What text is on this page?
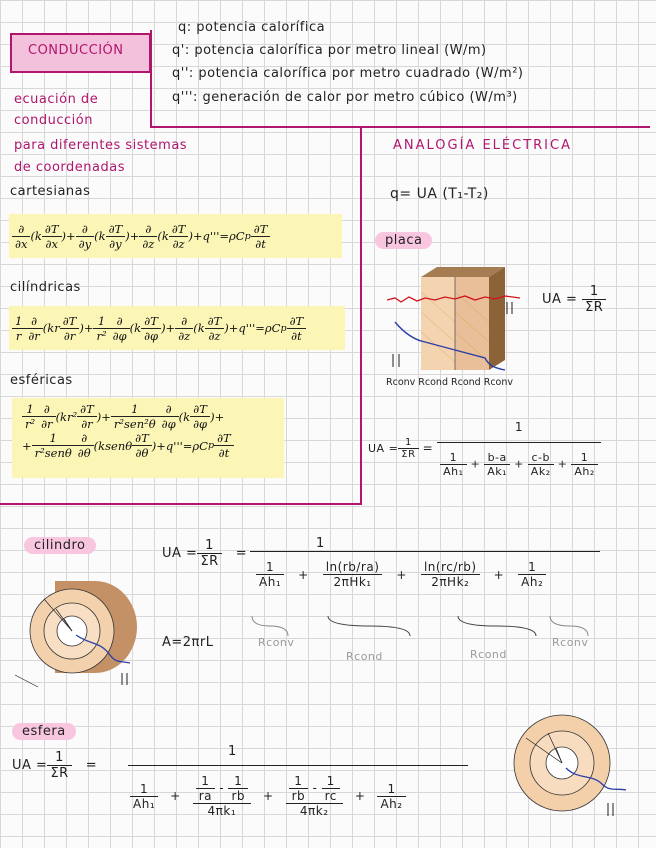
CONDUCCIÓN
q: potencia calorífica
q': potencia calorífica por metro lineal (W/m)
q'': potencia calorífica por metro cuadrado (W/m²)
q''': generación de calor por metro cúbico (W/m³)
ecuación de
conducción
para diferentes sistemas
de coordenadas
cartesianas
∂
∂x
(k
∂T
∂x
)+
∂
∂y
(k
∂T
∂y
)+
∂
∂z
(k
∂T
∂z
)+q'''=ρC p
∂T
∂t
cilíndricas
1
r
∂
∂r
(kr
∂T
∂r
)+
1
r²
∂
∂φ
(k
∂T
∂φ
)+
∂
∂z
(k
∂T
∂z
)+q'''=ρC p
∂T
∂t
esféricas
1
r²
∂
∂r
(kr²
∂T
∂r
)+
1
r²sen²θ
∂
∂φ
(k
∂T
∂φ
)+
+
1
r²senθ
∂
∂θ
(ksenθ
∂T
∂θ
)+q'''=ρC p
∂T
∂t
ANALOGÍA ELÉCTRICA
q= UA (T₁-T₂)
placa
Rconv Rcond Rcond Rconv
UA = $\frac{1}{\Sigma R}$
UA = $\frac{1}{\Sigma R}$ =
1
$\frac{1}{\text{Ah₁}} + \frac{b-a}{\text{Ak₁}} + \frac{c-b}{\text{Ak₂}} + \frac{1}{\text{Ah₂}}$
cilindro
UA = $\frac{1}{\Sigma R}$ =
1
1
Ah₁
+
ln(rb/ra)
2πHk₁
+
ln(rc/rb)
2πHk₂
+ $\frac{1}{\text{Ah₂}}$
A=2πrL	Rconv
Rcond	Rcond
Rconv
esfera
UA = $\frac{1}{\Sigma R}$ =
1
1
Ah₁
+ $\frac{\frac{1}{ra} - \frac{1}{rb}}{\text{4πk₁}} + \frac{\frac{1}{rb} - \frac{1}{rc}}{\text{4πk₂}} + \frac{1}{\text{Ah₂}}$
